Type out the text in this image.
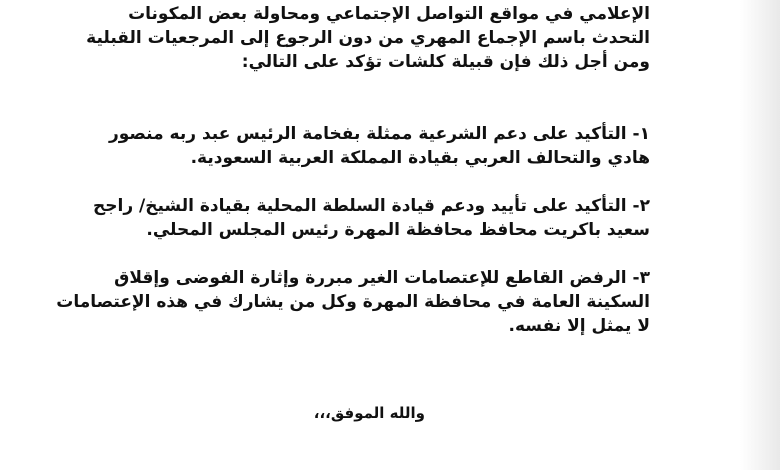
الإعلامي في مواقع التواصل الإجتماعي ومحاولة بعض المكونات
التحدث باسم الإجماع المهري من دون الرجوع إلى المرجعيات القبلية
ومن أجل ذلك فإن قبيلة كلشات تؤكد على التالي:
١- التأكيد على دعم الشرعية ممثلة بفخامة الرئيس عبد ربه منصور
هادي والتحالف العربي بقيادة المملكة العربية السعودية.
٢- التأكيد على تأييد ودعم قيادة السلطة المحلية بقيادة الشيخ/ راجح
سعيد باكريت محافظ محافظة المهرة رئيس المجلس المحلي.
٣- الرفض القاطع للإعتصامات الغير مبررة وإثارة الفوضى وإقلاق
السكينة العامة في محافظة المهرة وكل من يشارك في هذه الإعتصامات
لا يمثل إلا نفسه.
والله الموفق،،،
